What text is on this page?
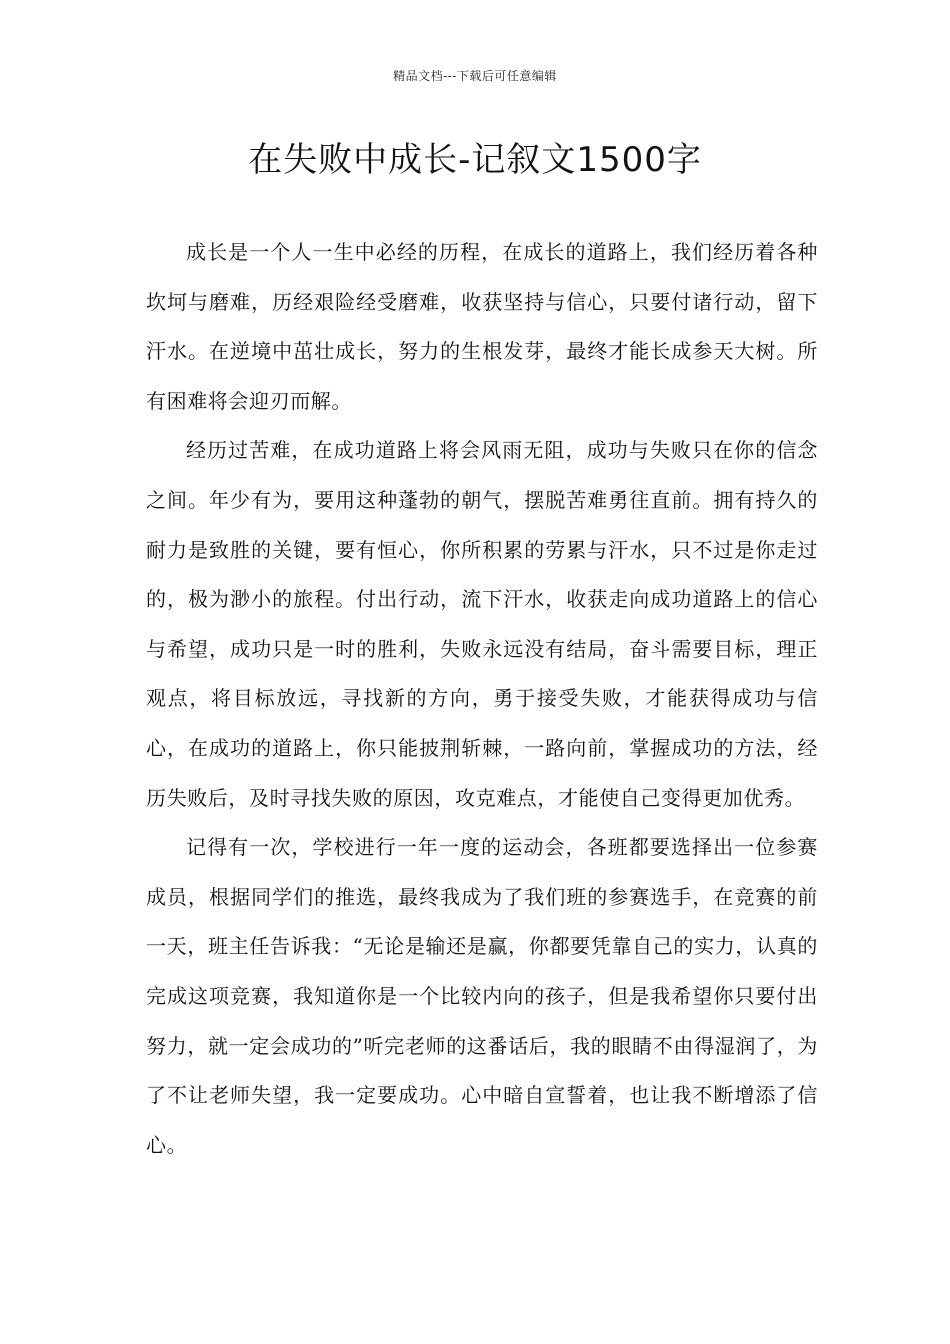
精品文档---下载后可任意编辑
在失败中成长-记叙文1500字

成长是一个人一生中必经的历程，在成长的道路上，我们经历着各种坎坷与磨难，历经艰险经受磨难，收获坚持与信心，只要付诸行动，留下汗水。在逆境中茁壮成长，努力的生根发芽，最终才能长成参天大树。所有困难将会迎刃而解。

经历过苦难，在成功道路上将会风雨无阻，成功与失败只在你的信念之间。年少有为，要用这种蓬勃的朝气，摆脱苦难勇往直前。拥有持久的耐力是致胜的关键，要有恒心，你所积累的劳累与汗水，只不过是你走过的，极为渺小的旅程。付出行动，流下汗水，收获走向成功道路上的信心与希望，成功只是一时的胜利，失败永远没有结局，奋斗需要目标，理正观点，将目标放远，寻找新的方向，勇于接受失败，才能获得成功与信心，在成功的道路上，你只能披荆斩棘，一路向前，掌握成功的方法，经历失败后，及时寻找失败的原因，攻克难点，才能使自己变得更加优秀。

记得有一次，学校进行一年一度的运动会，各班都要选择出一位参赛成员，根据同学们的推选，最终我成为了我们班的参赛选手，在竞赛的前一天，班主任告诉我：“无论是输还是赢，你都要凭靠自己的实力，认真的完成这项竞赛，我知道你是一个比较内向的孩子，但是我希望你只要付出努力，就一定会成功的”听完老师的这番话后，我的眼睛不由得湿润了，为了不让老师失望，我一定要成功。心中暗自宣誓着，也让我不断增添了信心。
